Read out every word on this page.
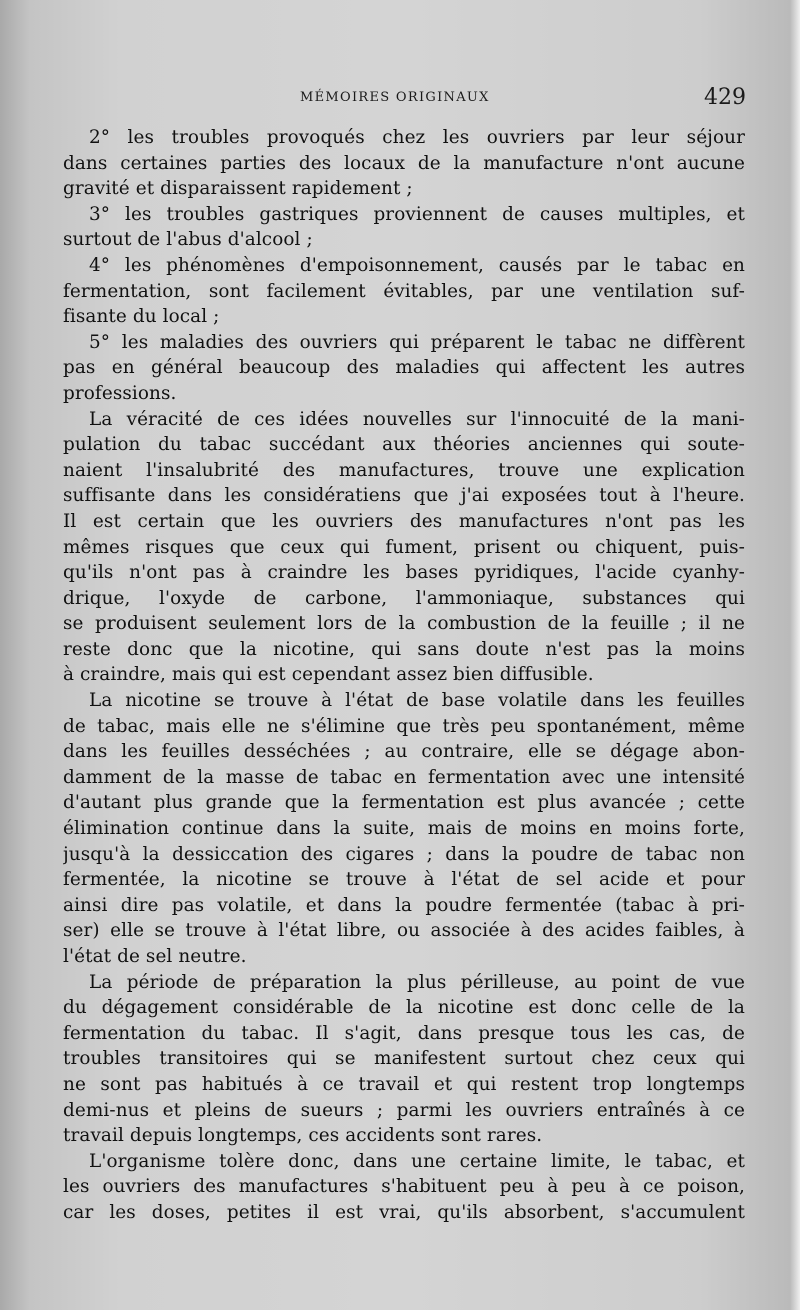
MÉMOIRES ORIGINAUX	429
2° les troubles provoqués chez les ouvriers par leur séjour
dans certaines parties des locaux de la manufacture n'ont aucune
gravité et disparaissent rapidement ;
3° les troubles gastriques proviennent de causes multiples, et
surtout de l'abus d'alcool ;
4° les phénomènes d'empoisonnement, causés par le tabac en
fermentation, sont facilement évitables, par une ventilation suf-
fisante du local ;
5° les maladies des ouvriers qui préparent le tabac ne diffèrent
pas en général beaucoup des maladies qui affectent les autres
professions.
La véracité de ces idées nouvelles sur l'innocuité de la mani-
pulation du tabac succédant aux théories anciennes qui soute-
naient l'insalubrité des manufactures, trouve une explication
suffisante dans les considératiens que j'ai exposées tout à l'heure.
Il est certain que les ouvriers des manufactures n'ont pas les
mêmes risques que ceux qui fument, prisent ou chiquent, puis-
qu'ils n'ont pas à craindre les bases pyridiques, l'acide cyanhy-
drique, l'oxyde de carbone, l'ammoniaque, substances qui
se produisent seulement lors de la combustion de la feuille ; il ne
reste donc que la nicotine, qui sans doute n'est pas la moins
à craindre, mais qui est cependant assez bien diffusible.
La nicotine se trouve à l'état de base volatile dans les feuilles
de tabac, mais elle ne s'élimine que très peu spontanément, même
dans les feuilles desséchées ; au contraire, elle se dégage abon-
damment de la masse de tabac en fermentation avec une intensité
d'autant plus grande que la fermentation est plus avancée ; cette
élimination continue dans la suite, mais de moins en moins forte,
jusqu'à la dessiccation des cigares ; dans la poudre de tabac non
fermentée, la nicotine se trouve à l'état de sel acide et pour
ainsi dire pas volatile, et dans la poudre fermentée (tabac à pri-
ser) elle se trouve à l'état libre, ou associée à des acides faibles, à
l'état de sel neutre.
La période de préparation la plus périlleuse, au point de vue
du dégagement considérable de la nicotine est donc celle de la
fermentation du tabac. Il s'agit, dans presque tous les cas, de
troubles transitoires qui se manifestent surtout chez ceux qui
ne sont pas habitués à ce travail et qui restent trop longtemps
demi-nus et pleins de sueurs ; parmi les ouvriers entraînés à ce
travail depuis longtemps, ces accidents sont rares.
L'organisme tolère donc, dans une certaine limite, le tabac, et
les ouvriers des manufactures s'habituent peu à peu à ce poison,
car les doses, petites il est vrai, qu'ils absorbent, s'accumulent
